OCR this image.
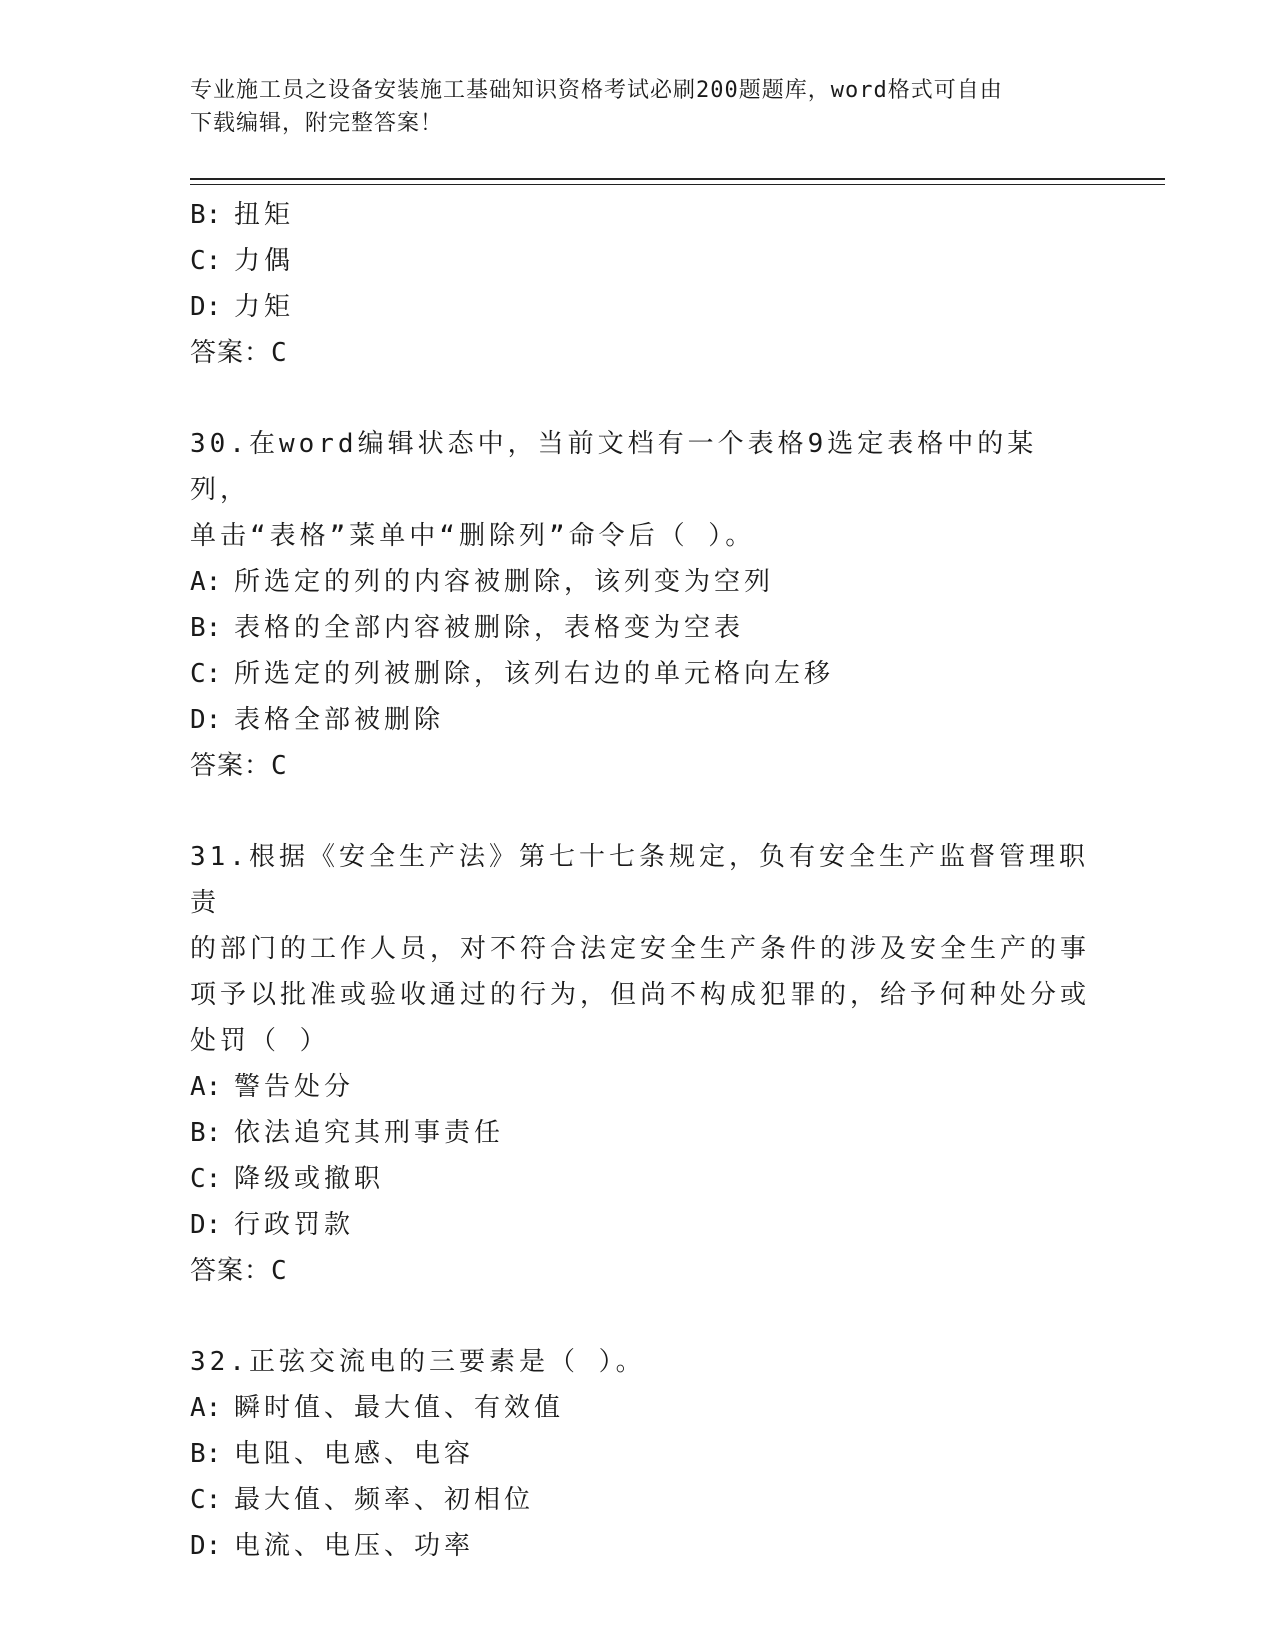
专业施工员之设备安装施工基础知识资格考试必刷200题题库，word格式可自由
下载编辑，附完整答案！
B: 扭矩
C: 力偶
D: 力矩
答案：C
30.在word编辑状态中，当前文档有一个表格9选定表格中的某列，
单击“表格”菜单中“删除列”命令后（ ）。
A: 所选定的列的内容被删除，该列变为空列
B: 表格的全部内容被删除，表格变为空表
C: 所选定的列被删除，该列右边的单元格向左移
D: 表格全部被删除
答案：C
31.根据《安全生产法》第七十七条规定，负有安全生产监督管理职责
的部门的工作人员，对不符合法定安全生产条件的涉及安全生产的事
项予以批准或验收通过的行为，但尚不构成犯罪的，给予何种处分或
处罚（ ）
A: 警告处分
B: 依法追究其刑事责任
C: 降级或撤职
D: 行政罚款
答案：C
32.正弦交流电的三要素是（ ）。
A: 瞬时值、最大值、有效值
B: 电阻、电感、电容
C: 最大值、频率、初相位
D: 电流、电压、功率
